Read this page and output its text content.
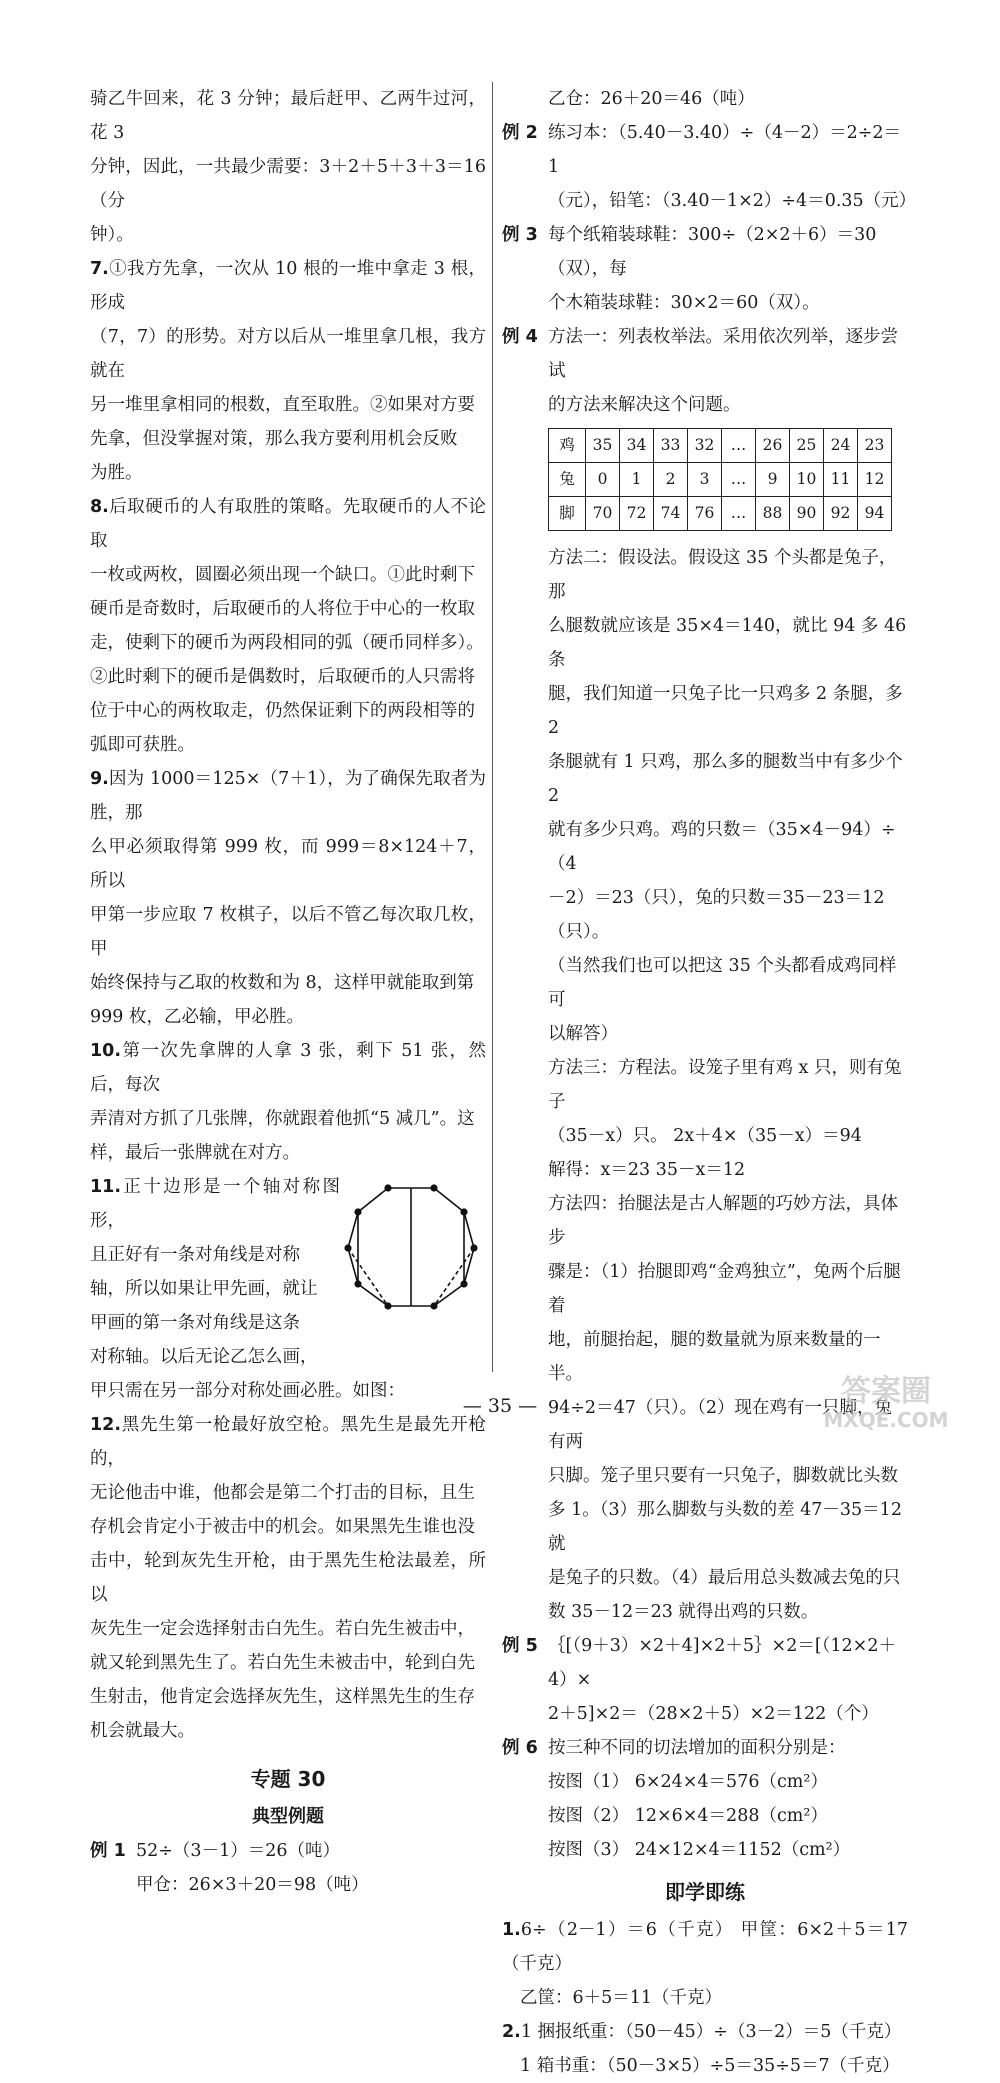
骑乙牛回来，花 3 分钟；最后赶甲、乙两牛过河，花 3

分钟，因此，一共最少需要：3＋2＋5＋3＋3＝16（分

钟）。

7.①我方先拿，一次从 10 根的一堆中拿走 3 根，形成

（7，7）的形势。对方以后从一堆里拿几根，我方就在

另一堆里拿相同的根数，直至取胜。②如果对方要

先拿，但没掌握对策，那么我方要利用机会反败

为胜。

8.后取硬币的人有取胜的策略。先取硬币的人不论取

一枚或两枚，圆圈必须出现一个缺口。①此时剩下

硬币是奇数时，后取硬币的人将位于中心的一枚取

走，使剩下的硬币为两段相同的弧（硬币同样多）。

②此时剩下的硬币是偶数时，后取硬币的人只需将

位于中心的两枚取走，仍然保证剩下的两段相等的

弧即可获胜。

9.因为 1000＝125×（7＋1），为了确保先取者为胜，那

么甲必须取得第 999 枚，而 999＝8×124＋7，所以

甲第一步应取 7 枚棋子，以后不管乙每次取几枚，甲

始终保持与乙取的枚数和为 8，这样甲就能取到第

999 枚，乙必输，甲必胜。

10.第一次先拿牌的人拿 3 张，剩下 51 张，然后，每次

弄清对方抓了几张牌，你就跟着他抓“5 减几”。这

样，最后一张牌就在对方。

11.正十边形是一个轴对称图形，

且正好有一条对角线是对称

轴，所以如果让甲先画，就让

甲画的第一条对角线是这条

对称轴。以后无论乙怎么画，

甲只需在另一部分对称处画必胜。如图：

12.黑先生第一枪最好放空枪。黑先生是最先开枪的，

无论他击中谁，他都会是第二个打击的目标，且生

存机会肯定小于被击中的机会。如果黑先生谁也没

击中，轮到灰先生开枪，由于黑先生枪法最差，所以

灰先生一定会选择射击白先生。若白先生被击中，

就又轮到黑先生了。若白先生未被击中，轮到白先

生射击，他肯定会选择灰先生，这样黑先生的生存

机会就最大。

专题 30

典型例题

例 1 52÷（3－1）＝26（吨）

甲仓：26×3＋20＝98（吨）

乙仓：26＋20＝46（吨）

例 2 练习本：（5.40－3.40）÷（4－2）＝2÷2＝1

（元），铅笔：（3.40－1×2）÷4＝0.35（元）

例 3 每个纸箱装球鞋：300÷（2×2＋6）＝30（双），每

个木箱装球鞋：30×2＝60（双）。

例 4 方法一：列表枚举法。采用依次列举，逐步尝试

的方法来解决这个问题。

鸡	35	34	33	32	…	26	25	24	23
兔	0	1	2	3	…	9	10	11	12
脚	70	72	74	76	…	88	90	92	94

方法二：假设法。假设这 35 个头都是兔子，那

么腿数就应该是 35×4＝140，就比 94 多 46 条

腿，我们知道一只兔子比一只鸡多 2 条腿，多 2

条腿就有 1 只鸡，那么多的腿数当中有多少个 2

就有多少只鸡。鸡的只数＝（35×4－94）÷（4

－2）＝23（只），兔的只数＝35－23＝12（只）。

（当然我们也可以把这 35 个头都看成鸡同样可

以解答）

方法三：方程法。设笼子里有鸡 x 只，则有兔子

（35－x）只。 2x＋4×（35－x）＝94

解得：x＝23 35－x＝12

方法四：抬腿法是古人解题的巧妙方法，具体步

骤是：（1）抬腿即鸡“金鸡独立”，兔两个后腿着

地，前腿抬起，腿的数量就为原来数量的一半。

94÷2＝47（只）。（2）现在鸡有一只脚，兔有两

只脚。笼子里只要有一只兔子，脚数就比头数

多 1。（3）那么脚数与头数的差 47－35＝12 就

是兔子的只数。（4）最后用总头数减去兔的只

数 35－12＝23 就得出鸡的只数。

例 5 ｛[（9＋3）×2＋4]×2＋5｝×2＝[（12×2＋4）×

2＋5]×2＝（28×2＋5）×2＝122（个）

例 6 按三种不同的切法增加的面积分别是：

按图（1） 6×24×4＝576（cm²）

按图（2） 12×6×4＝288（cm²）

按图（3） 24×12×4＝1152（cm²）

即学即练

1.6÷（2－1）＝6（千克） 甲筐：6×2＋5＝17（千克）

乙筐：6＋5＝11（千克）

2.1 捆报纸重：（50－45）÷（3－2）＝5（千克）

1 箱书重：（50－3×5）÷5＝35÷5＝7（千克）

— 35 —	答案圈
MXQE.COM
